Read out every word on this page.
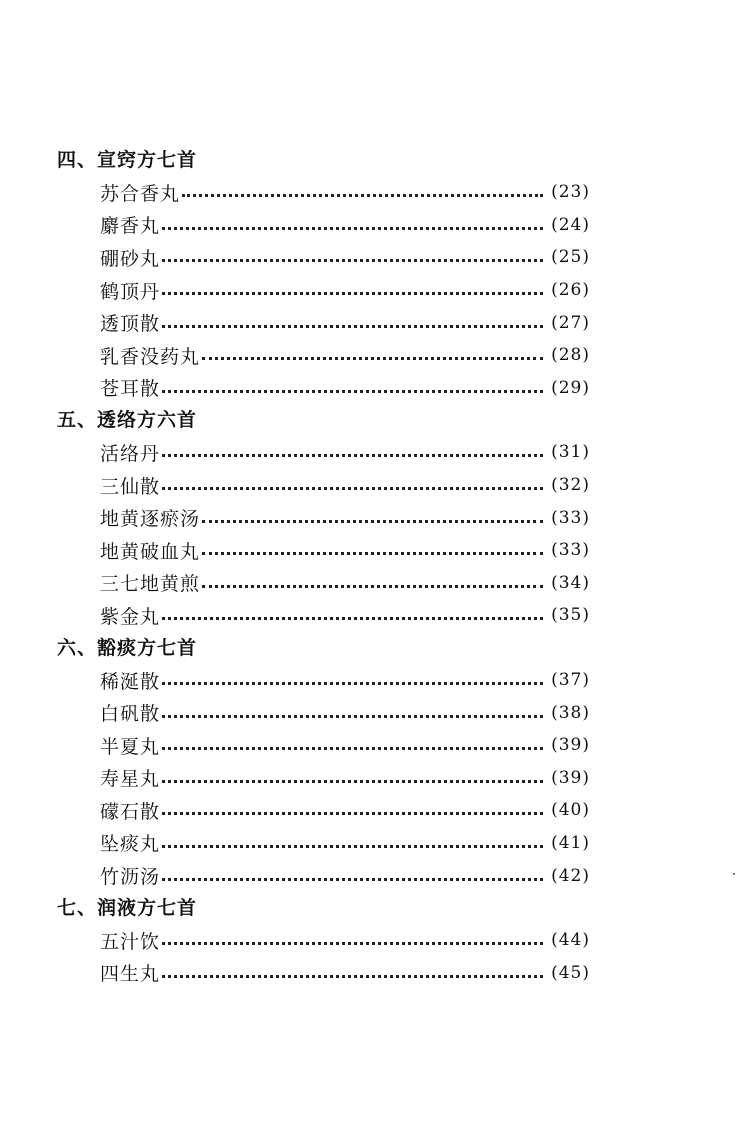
四、宣窍方七首
苏合香丸	(23)
麝香丸	(24)
硼砂丸	(25)
鹤顶丹	(26)
透顶散	(27)
乳香没药丸	(28)
苍耳散	(29)
五、透络方六首
活络丹	(31)
三仙散	(32)
地黄逐瘀汤	(33)
地黄破血丸	(33)
三七地黄煎	(34)
紫金丸	(35)
六、豁痰方七首
稀涎散	(37)
白矾散	(38)
半夏丸	(39)
寿星丸	(39)
礞石散	(40)
坠痰丸	(41)
竹沥汤	(42)
七、润液方七首
五汁饮	(44)
四生丸	(45)
